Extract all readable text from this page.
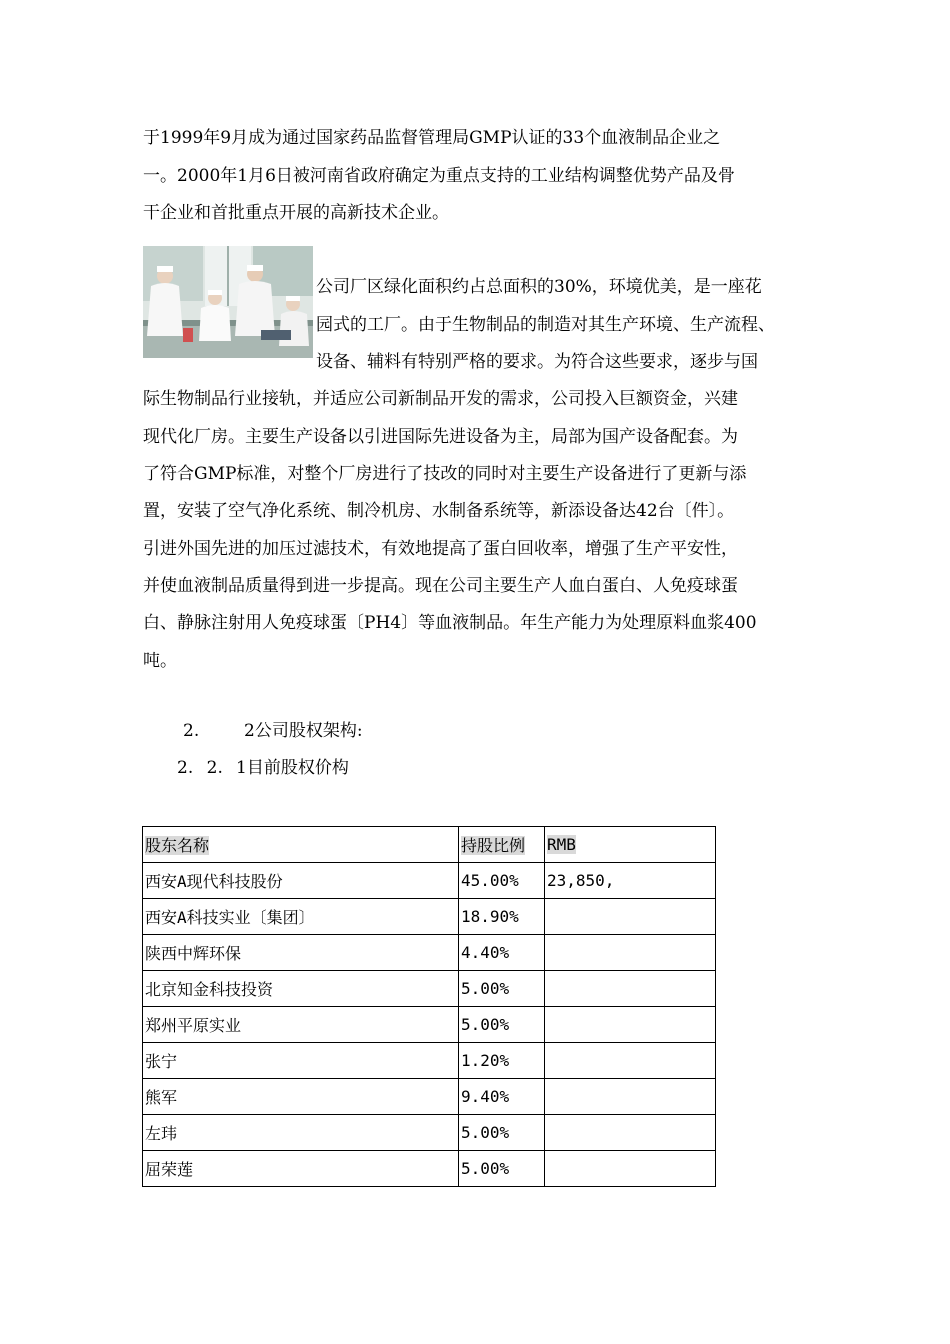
于1999年9月成为通过国家药品监督管理局GMP认证的33个血液制品企业之
一。2000年1月6日被河南省政府确定为重点支持的工业结构调整优势产品及骨
干企业和首批重点开展的高新技术企业。
公司厂区绿化面积约占总面积的30%，环境优美，是一座花
园式的工厂。由于生物制品的制造对其生产环境、生产流程、
设备、辅料有特别严格的要求。为符合这些要求，逐步与国
际生物制品行业接轨，并适应公司新制品开发的需求，公司投入巨额资金，兴建
现代化厂房。主要生产设备以引进国际先进设备为主，局部为国产设备配套。为
了符合GMP标准，对整个厂房进行了技改的同时对主要生产设备进行了更新与添
置，安装了空气净化系统、制冷机房、水制备系统等，新添设备达42台〔件〕。
引进外国先进的加压过滤技术，有效地提高了蛋白回收率，增强了生产平安性，
并使血液制品质量得到进一步提高。现在公司主要生产人血白蛋白、人免疫球蛋
白、静脉注射用人免疫球蛋〔PH4〕等血液制品。年生产能力为处理原料血浆400
吨。
2.	2公司股权架构:
2. 2. 1目前股权价构
股东名称	持股比例	RMB
西安A现代科技股份	45.00%	23,850,
西安A科技实业〔集团〕	18.90%	
陕西中辉环保	4.40%	
北京知金科技投资	5.00%	
郑州平原实业	5.00%	
张宁	1.20%	
熊军	9.40%	
左玮	5.00%	
屈荣莲	5.00%	
